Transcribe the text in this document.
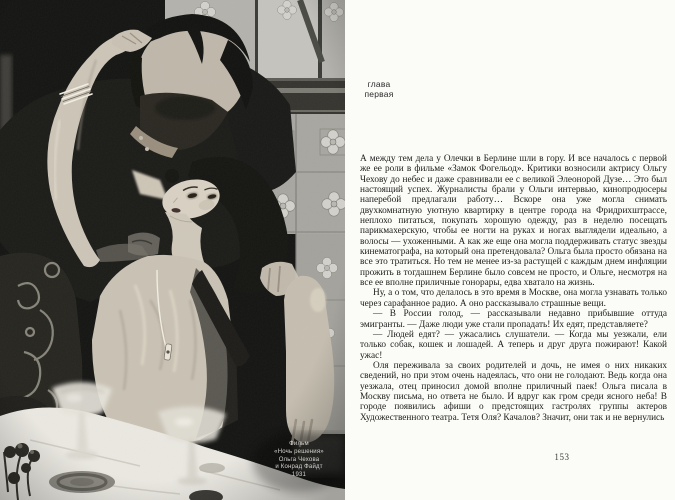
Фильм
«Ночь решения»
Ольга Чехова
и Конрад Файдт
1931
глава
первая

А между тем дела у Олечки в Берлине шли в гору. И все началось с первой же ее роли в фильме «Замок Фогельод». Критики возносили актрису Ольгу Чехову до небес и даже сравнивали ее с великой Элеонорой Дузе… Это был настоящий успех. Журналисты брали у Ольги интервью, кинопродюсеры наперебой предлагали работу… Вскоре она уже могла снимать двухкомнатную уютную квартирку в центре города на Фридрихштрассе, неплохо питаться, покупать хорошую одежду, раз в неделю посещать парикмахерскую, чтобы ее ногти на руках и ногах выглядели идеально, а волосы — ухоженными. А как же еще она могла поддерживать статус звезды кинематографа, на который она претендовала? Ольга была просто обязана на все это тратиться. Но тем не менее из-за растущей с каждым днем инфляции прожить в тогдашнем Берлине было совсем не просто, и Ольге, несмотря на все ее вполне приличные гонорары, едва хватало на жизнь.

Ну, а о том, что делалось в это время в Москве, она могла узнавать только через сарафанное радио. А оно рассказывало страшные вещи.

— В России голод, — рассказывали недавно прибывшие оттуда эмигранты. — Даже люди уже стали пропадать! Их едят, представляете?

— Людей едят? — ужасались слушатели. — Когда мы уезжали, ели только собак, кошек и лошадей. А теперь и друг друга пожирают! Какой ужас!

Оля переживала за своих родителей и дочь, не имея о них никаких сведений, но при этом очень надеялась, что они не голодают. Ведь когда она уезжала, отец приносил домой вполне приличный паек! Ольга писала в Москву письма, но ответа не было. И вдруг как гром среди ясного неба! В городе появились афиши о предстоящих гастролях группы актеров Художественного театра. Тетя Оля? Качалов? Значит, они так и не вернулись

153
